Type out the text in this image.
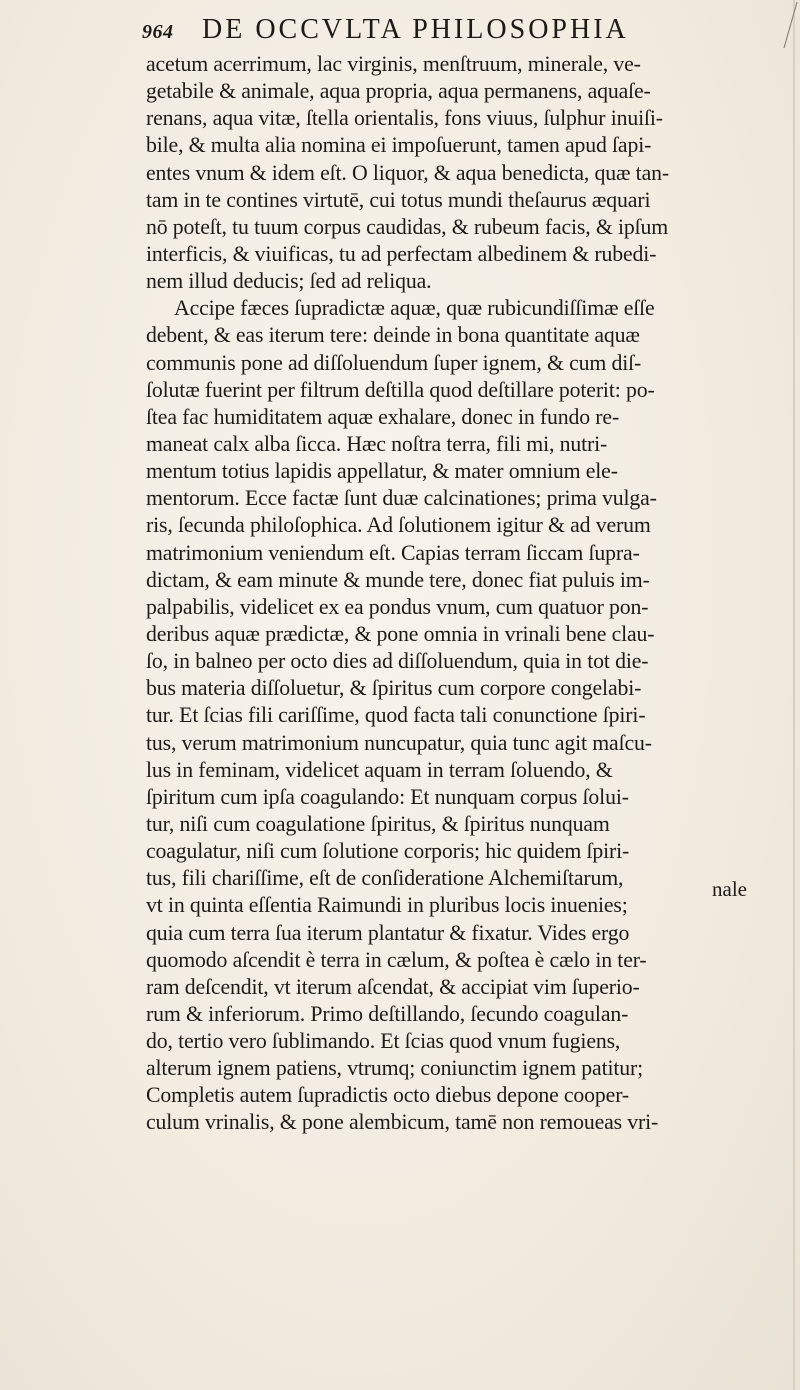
964	DE OCCVLTA PHILOSOPHIA
acetum acerrimum, lac virginis, menſtruum, minerale, ve-
getabile & animale, aqua propria, aqua permanens, aquaſe-
renans, aqua vitæ, ſtella orientalis, fons viuus, ſulphur inuiſi-
bile, & multa alia nomina ei impoſuerunt, tamen apud ſapi-
entes vnum & idem eſt. O liquor, & aqua benedicta, quæ tan-
tam in te contines virtutē, cui totus mundi theſaurus æquari
nō poteſt, tu tuum corpus caudidas, & rubeum facis, & ipſum
interficis, & viuificas, tu ad perfectam albedinem & rubedi-
nem illud deducis; ſed ad reliqua.
Accipe fæces ſupradictæ aquæ, quæ rubicundiſſimæ eſſe
debent, & eas iterum tere: deinde in bona quantitate aquæ
communis pone ad diſſoluendum ſuper ignem, & cum diſ-
ſolutæ fuerint per filtrum deſtilla quod deſtillare poterit: po-
ſtea fac humiditatem aquæ exhalare, donec in fundo re-
maneat calx alba ſicca. Hæc noſtra terra, fili mi, nutri-
mentum totius lapidis appellatur, & mater omnium ele-
mentorum. Ecce factæ ſunt duæ calcinationes; prima vulga-
ris, ſecunda philoſophica. Ad ſolutionem igitur & ad verum
matrimonium veniendum eſt. Capias terram ſiccam ſupra-
dictam, & eam minute & munde tere, donec fiat puluis im-
palpabilis, videlicet ex ea pondus vnum, cum quatuor pon-
deribus aquæ prædictæ, & pone omnia in vrinali bene clau-
ſo, in balneo per octo dies ad diſſoluendum, quia in tot die-
bus materia diſſoluetur, & ſpiritus cum corpore congelabi-
tur. Et ſcias fili cariſſime, quod facta tali conunctione ſpiri-
tus, verum matrimonium nuncupatur, quia tunc agit maſcu-
lus in feminam, videlicet aquam in terram ſoluendo, &
ſpiritum cum ipſa coagulando: Et nunquam corpus ſolui-
tur, niſi cum coagulatione ſpiritus, & ſpiritus nunquam
coagulatur, niſi cum ſolutione corporis; hic quidem ſpiri-
tus, fili chariſſime, eſt de conſideratione Alchemiſtarum,
vt in quinta eſſentia Raimundi in pluribus locis inuenies;
quia cum terra ſua iterum plantatur & fixatur. Vides ergo
quomodo aſcendit è terra in cælum, & poſtea è cælo in ter-
ram deſcendit, vt iterum aſcendat, & accipiat vim ſuperio-
rum & inferiorum. Primo deſtillando, ſecundo coagulan-
do, tertio vero ſublimando. Et ſcias quod vnum fugiens,
alterum ignem patiens, vtrumq; coniunctim ignem patitur;
Completis autem ſupradictis octo diebus depone cooper-
culum vrinalis, & pone alembicum, tamē non remoueas vri-
nale
